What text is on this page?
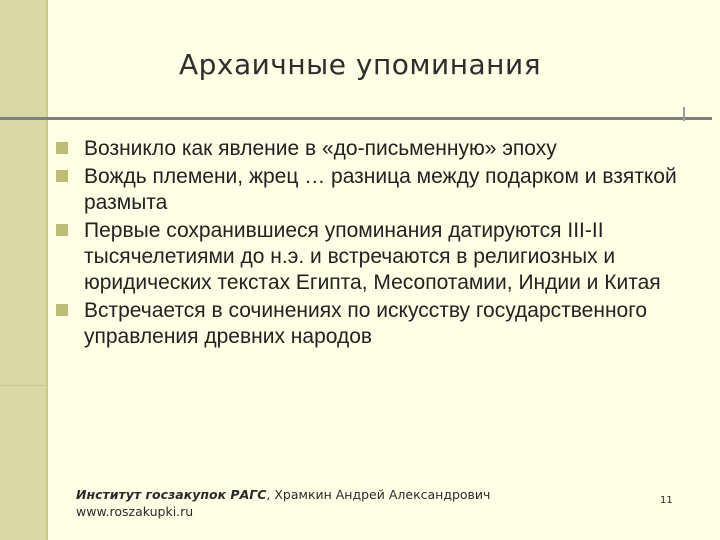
Архаичные упоминания
Возникло как явление в «до-письменную» эпоху
Вождь племени, жрец … разница между подарком и взяткой размыта
Первые сохранившиеся упоминания датируются III-II тысячелетиями до н.э. и встречаются в религиозных и юридических текстах Египта, Месопотамии, Индии и Китая
Встречается в сочинениях по искусству государственного управления древних народов
Институт госзакупок РАГС, Храмкин Андрей Александрович
www.roszakupki.ru
11
